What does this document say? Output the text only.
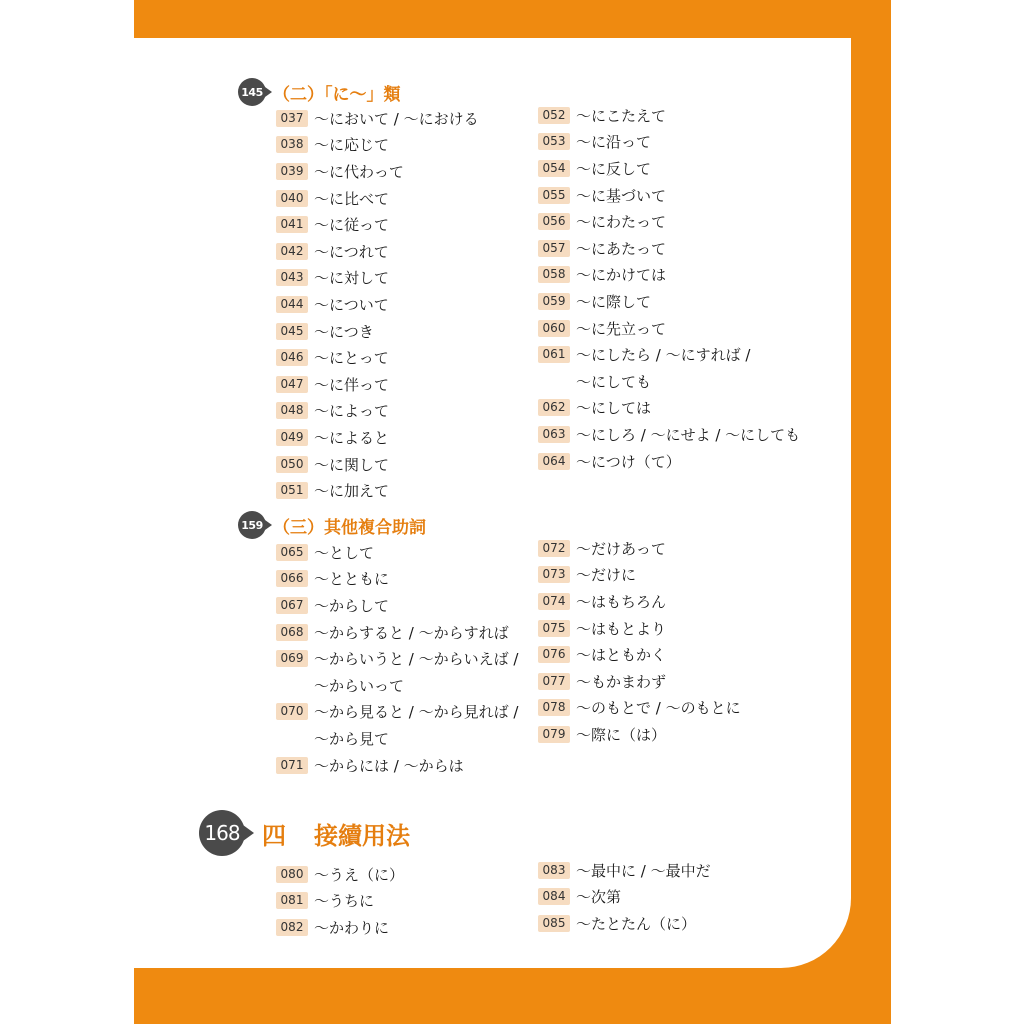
145 （二）「に〜」類
037 〜において / 〜における
038 〜に応じて
039 〜に代わって
040 〜に比べて
041 〜に従って
042 〜につれて
043 〜に対して
044 〜について
045 〜につき
046 〜にとって
047 〜に伴って
048 〜によって
049 〜によると
050 〜に関して
051 〜に加えて
052 〜にこたえて
053 〜に沿って
054 〜に反して
055 〜に基づいて
056 〜にわたって
057 〜にあたって
058 〜にかけては
059 〜に際して
060 〜に先立って
061 〜にしたら / 〜にすれば /
〜にしても
062 〜にしては
063 〜にしろ / 〜にせよ / 〜にしても
064 〜につけ（て）
159 （三）其他複合助詞
065 〜として
066 〜とともに
067 〜からして
068 〜からすると / 〜からすれば
069 〜からいうと / 〜からいえば /
〜からいって
070 〜から見ると / 〜から見れば /
〜から見て
071 〜からには / 〜からは
072 〜だけあって
073 〜だけに
074 〜はもちろん
075 〜はもとより
076 〜はともかく
077 〜もかまわず
078 〜のもとで / 〜のもとに
079 〜際に（は）
168 四 接續用法
080 〜うえ（に）
081 〜うちに
082 〜かわりに
083 〜最中に / 〜最中だ
084 〜次第
085 〜たとたん（に）
